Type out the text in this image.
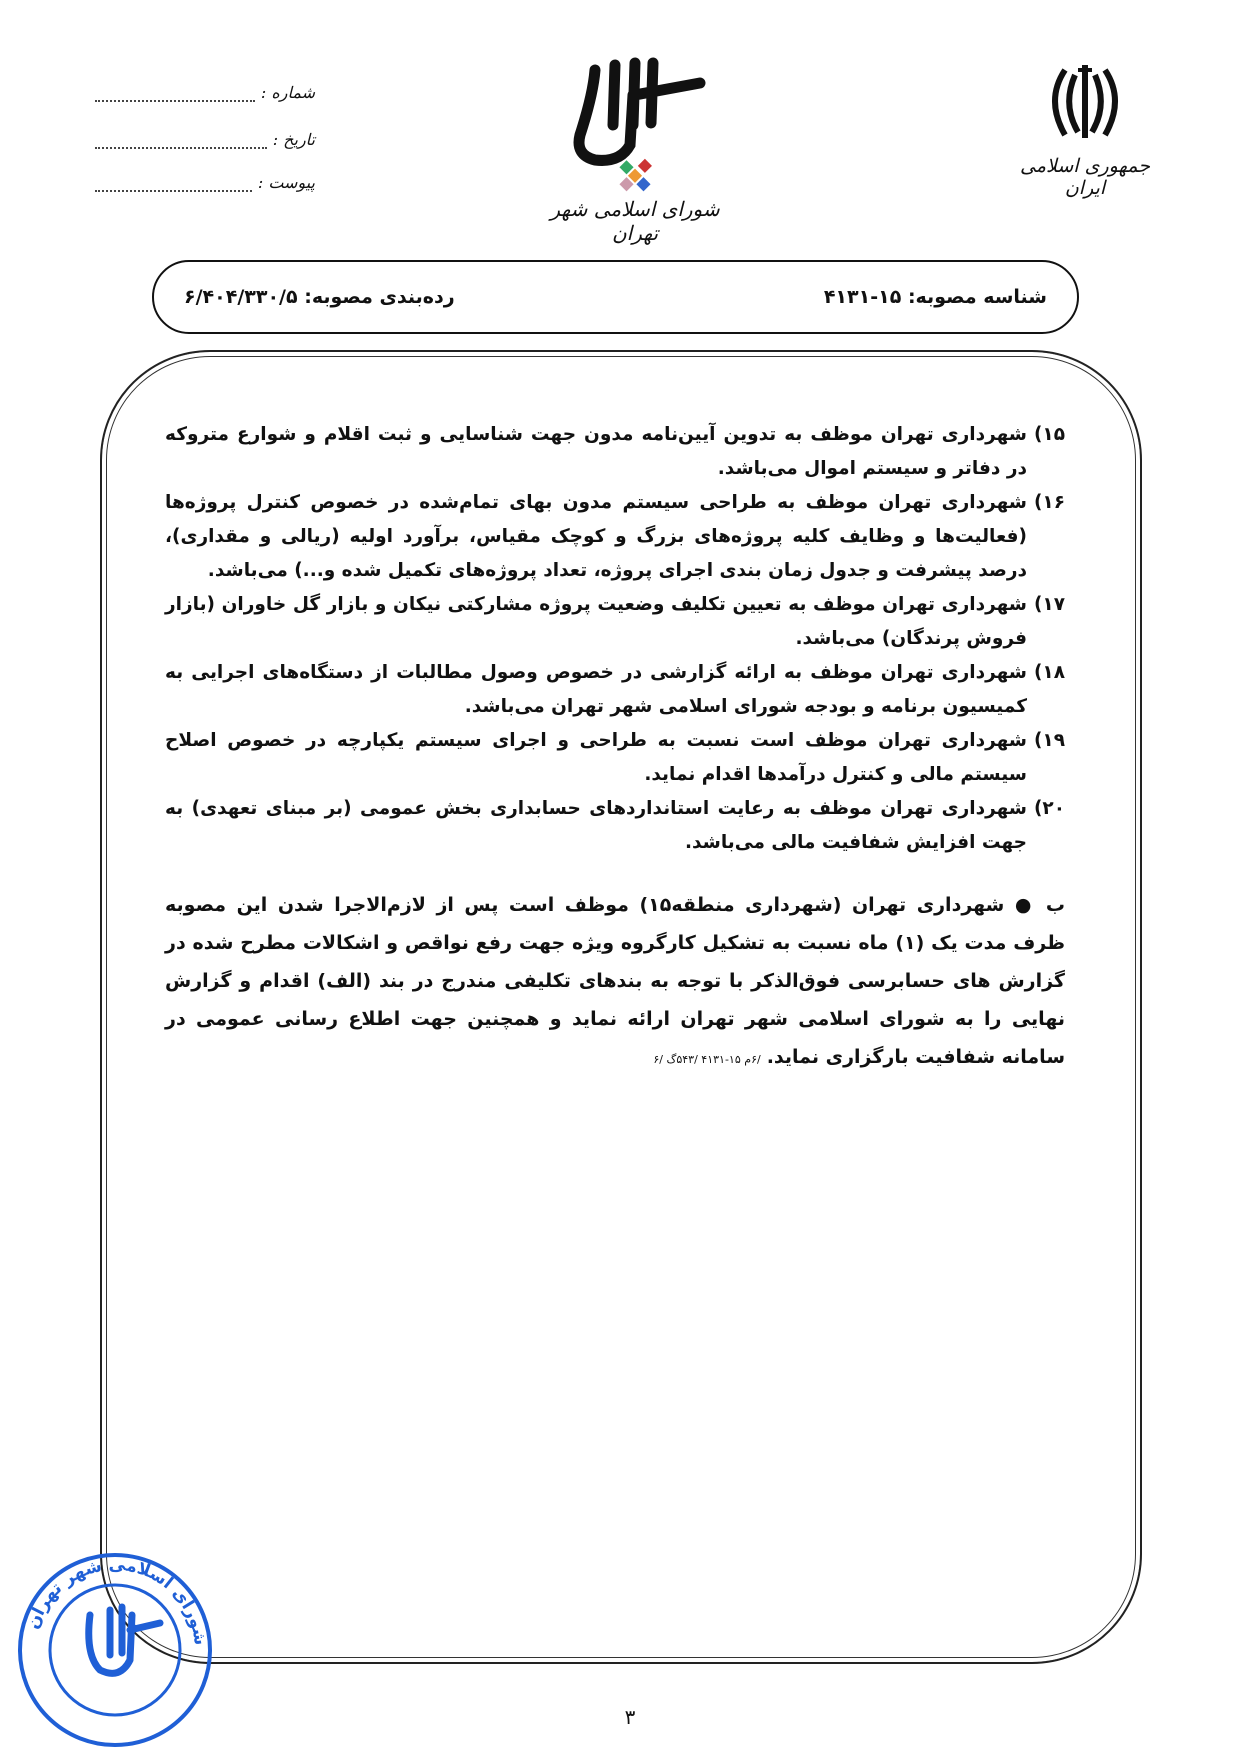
شماره :
تاریخ :
پیوست :
شورای اسلامی شهر تهران
جمهوری اسلامی ایران
شناسه مصوبه: ۱۵-۴۱۳۱
رده‌بندی مصوبه: ۶/۴۰۴/۳۳۰/۵
۱۵)
شهرداری تهران موظف به تدوین آیین‌نامه مدون جهت شناسایی و ثبت اقلام و شوارع متروکه در دفاتر و سیستم اموال می‌باشد.
۱۶)
شهرداری تهران موظف به طراحی سیستم مدون بهای تمام‌شده در خصوص کنترل پروژه‌ها (فعالیت‌ها و وظایف کلیه پروژه‌های بزرگ و کوچک مقیاس، برآورد اولیه (ریالی و مقداری)، درصد پیشرفت و جدول زمان بندی اجرای پروژه، تعداد پروژه‌های تکمیل شده و...) می‌باشد.
۱۷)
شهرداری تهران موظف به تعیین تکلیف وضعیت پروژه مشارکتی نیکان و بازار گل خاوران (بازار فروش پرندگان) می‌باشد.
۱۸)
شهرداری تهران موظف به ارائه گزارشی در خصوص وصول مطالبات از دستگاه‌های اجرایی به کمیسیون برنامه و بودجه شورای اسلامی شهر تهران می‌باشد.
۱۹)
شهرداری تهران موظف است نسبت به طراحی و اجرای سیستم یکپارچه در خصوص اصلاح سیستم مالی و کنترل درآمدها اقدام نماید.
۲۰)
شهرداری تهران موظف به رعایت استانداردهای حسابداری بخش عمومی (بر مبنای تعهدی) به جهت افزایش شفافیت مالی می‌باشد.

ب ● شهرداری تهران (شهرداری منطقه۱۵) موظف است پس از لازم‌الاجرا شدن این مصوبه ظرف مدت یک (۱) ماه نسبت به تشکیل کارگروه ویژه جهت رفع نواقص و اشکالات مطرح شده در گزارش های حسابرسی فوق‌الذکر با توجه به بندهای تکلیفی مندرج در بند (الف) اقدام و گزارش نهایی را به شورای اسلامی شهر تهران ارائه نماید و همچنین جهت اطلاع رسانی عمومی در سامانه شفافیت بارگزاری نماید./۶م ۱۵-۴۱۳۱ /۵۴۳گ /۶

۳
شورای اسلامی شهر تهران
